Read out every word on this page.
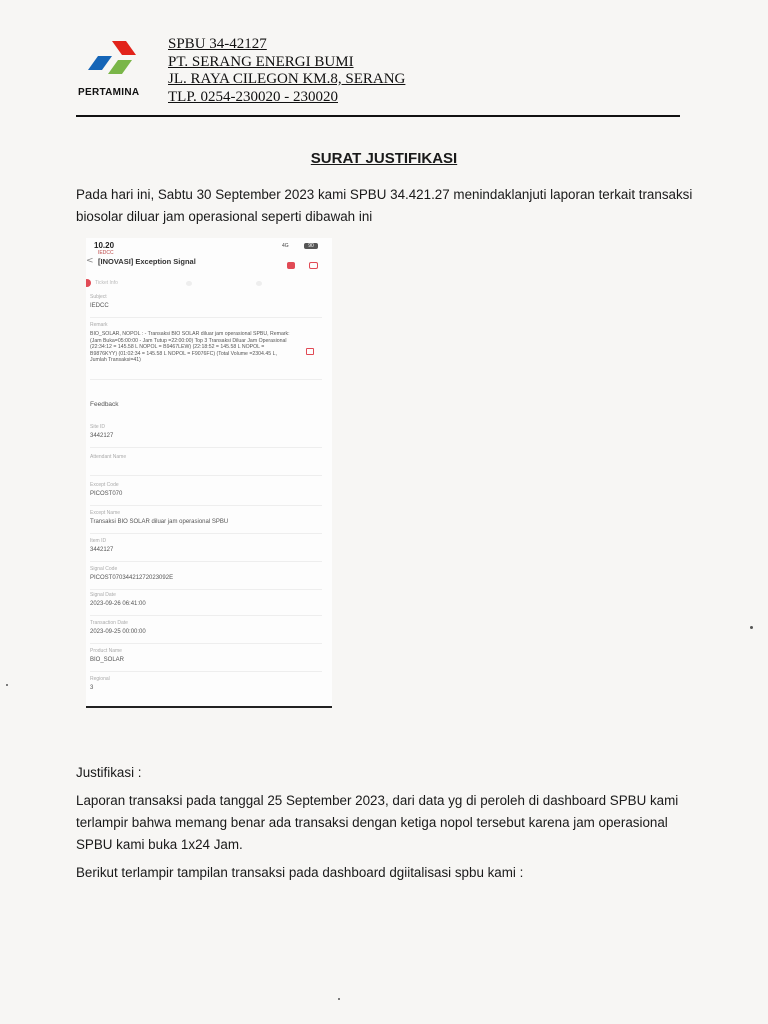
PERTAMINA
SPBU 34-42127
PT. SERANG ENERGI BUMI
JL. RAYA CILEGON KM.8, SERANG
TLP. 0254-230020 - 230020
SURAT JUSTIFIKASI
Pada hari ini, Sabtu 30 September 2023 kami SPBU 34.421.27 menindaklanjuti laporan terkait transaksi biosolar diluar jam operasional seperti dibawah ini
10.20	4G	90
<
IEDCC
[INOVASI] Exception Signal
Ticket Info
Subject
IEDCC
Remark
BIO_SOLAR, NOPOL : - Transaksi BIO SOLAR diluar jam operasional SPBU, Remark: (Jam Buka=05:00:00 - Jam Tutup =22:00:00) Top 3 Transaksi Diluar Jam Operasional (22:34:12 = 145.58 L NOPOL = B9467LEW) (22:18:52 = 145.58 L NOPOL = B9876KYY) (01:02:34 = 145.58 L NOPOL = F9076FC) (Total Volume =2304.45 L, Jumlah Transaksi=41)
Feedback
Site ID
3442127
Attendant Name
Except Code
PICOST070
Except Name
Transaksi BIO SOLAR diluar jam operasional SPBU
Item ID
3442127
Signal Code
PICOST07034421272023092E
Signal Date
2023-09-26 06:41:00
Transaction Date
2023-09-25 00:00:00
Product Name
BIO_SOLAR
Regional
3
Justifikasi :
Laporan transaksi pada tanggal 25 September 2023, dari data yg di peroleh di dashboard SPBU kami terlampir bahwa memang benar ada transaksi dengan ketiga nopol tersebut karena jam operasional SPBU kami buka 1x24 Jam.
Berikut terlampir tampilan transaksi pada dashboard dgiitalisasi spbu kami :
